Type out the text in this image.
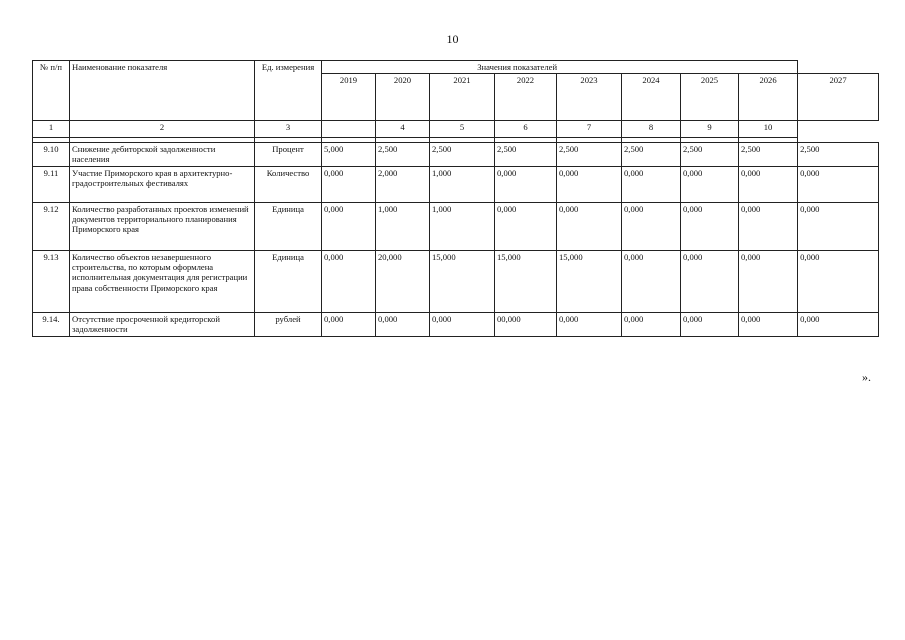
10
№ п/п	Наименование показателя	Ед. измерения	Значения показателей								
			2019	2020	2021	2022	2023	2024	2025	2026	2027
1	2	3		4	5	6	7	8	9	10	

9.10	Снижение дебиторской задолженности населения	Процент	5,000	2,500	2,500	2,500	2,500	2,500	2,500	2,500	2,500
9.11	Участие Приморского края в архитектурно-градостроительных фестивалях	Количество	0,000	2,000	1,000	0,000	0,000	0,000	0,000	0,000	0,000
9.12	Количество разработанных проектов изменений документов территориального планирования Приморского края	Единица	0,000	1,000	1,000	0,000	0,000	0,000	0,000	0,000	0,000
9.13	Количество объектов незавершенного строительства, по которым оформлена исполнительная документация для регистрации права собственности Приморского края	Единица	0,000	20,000	15,000	15,000	15,000	0,000	0,000	0,000	0,000
9.14.	Отсутствие просроченной кредиторской задолженности	рублей	0,000	0,000	0,000	00,000	0,000	0,000	0,000	0,000	0,000
».
